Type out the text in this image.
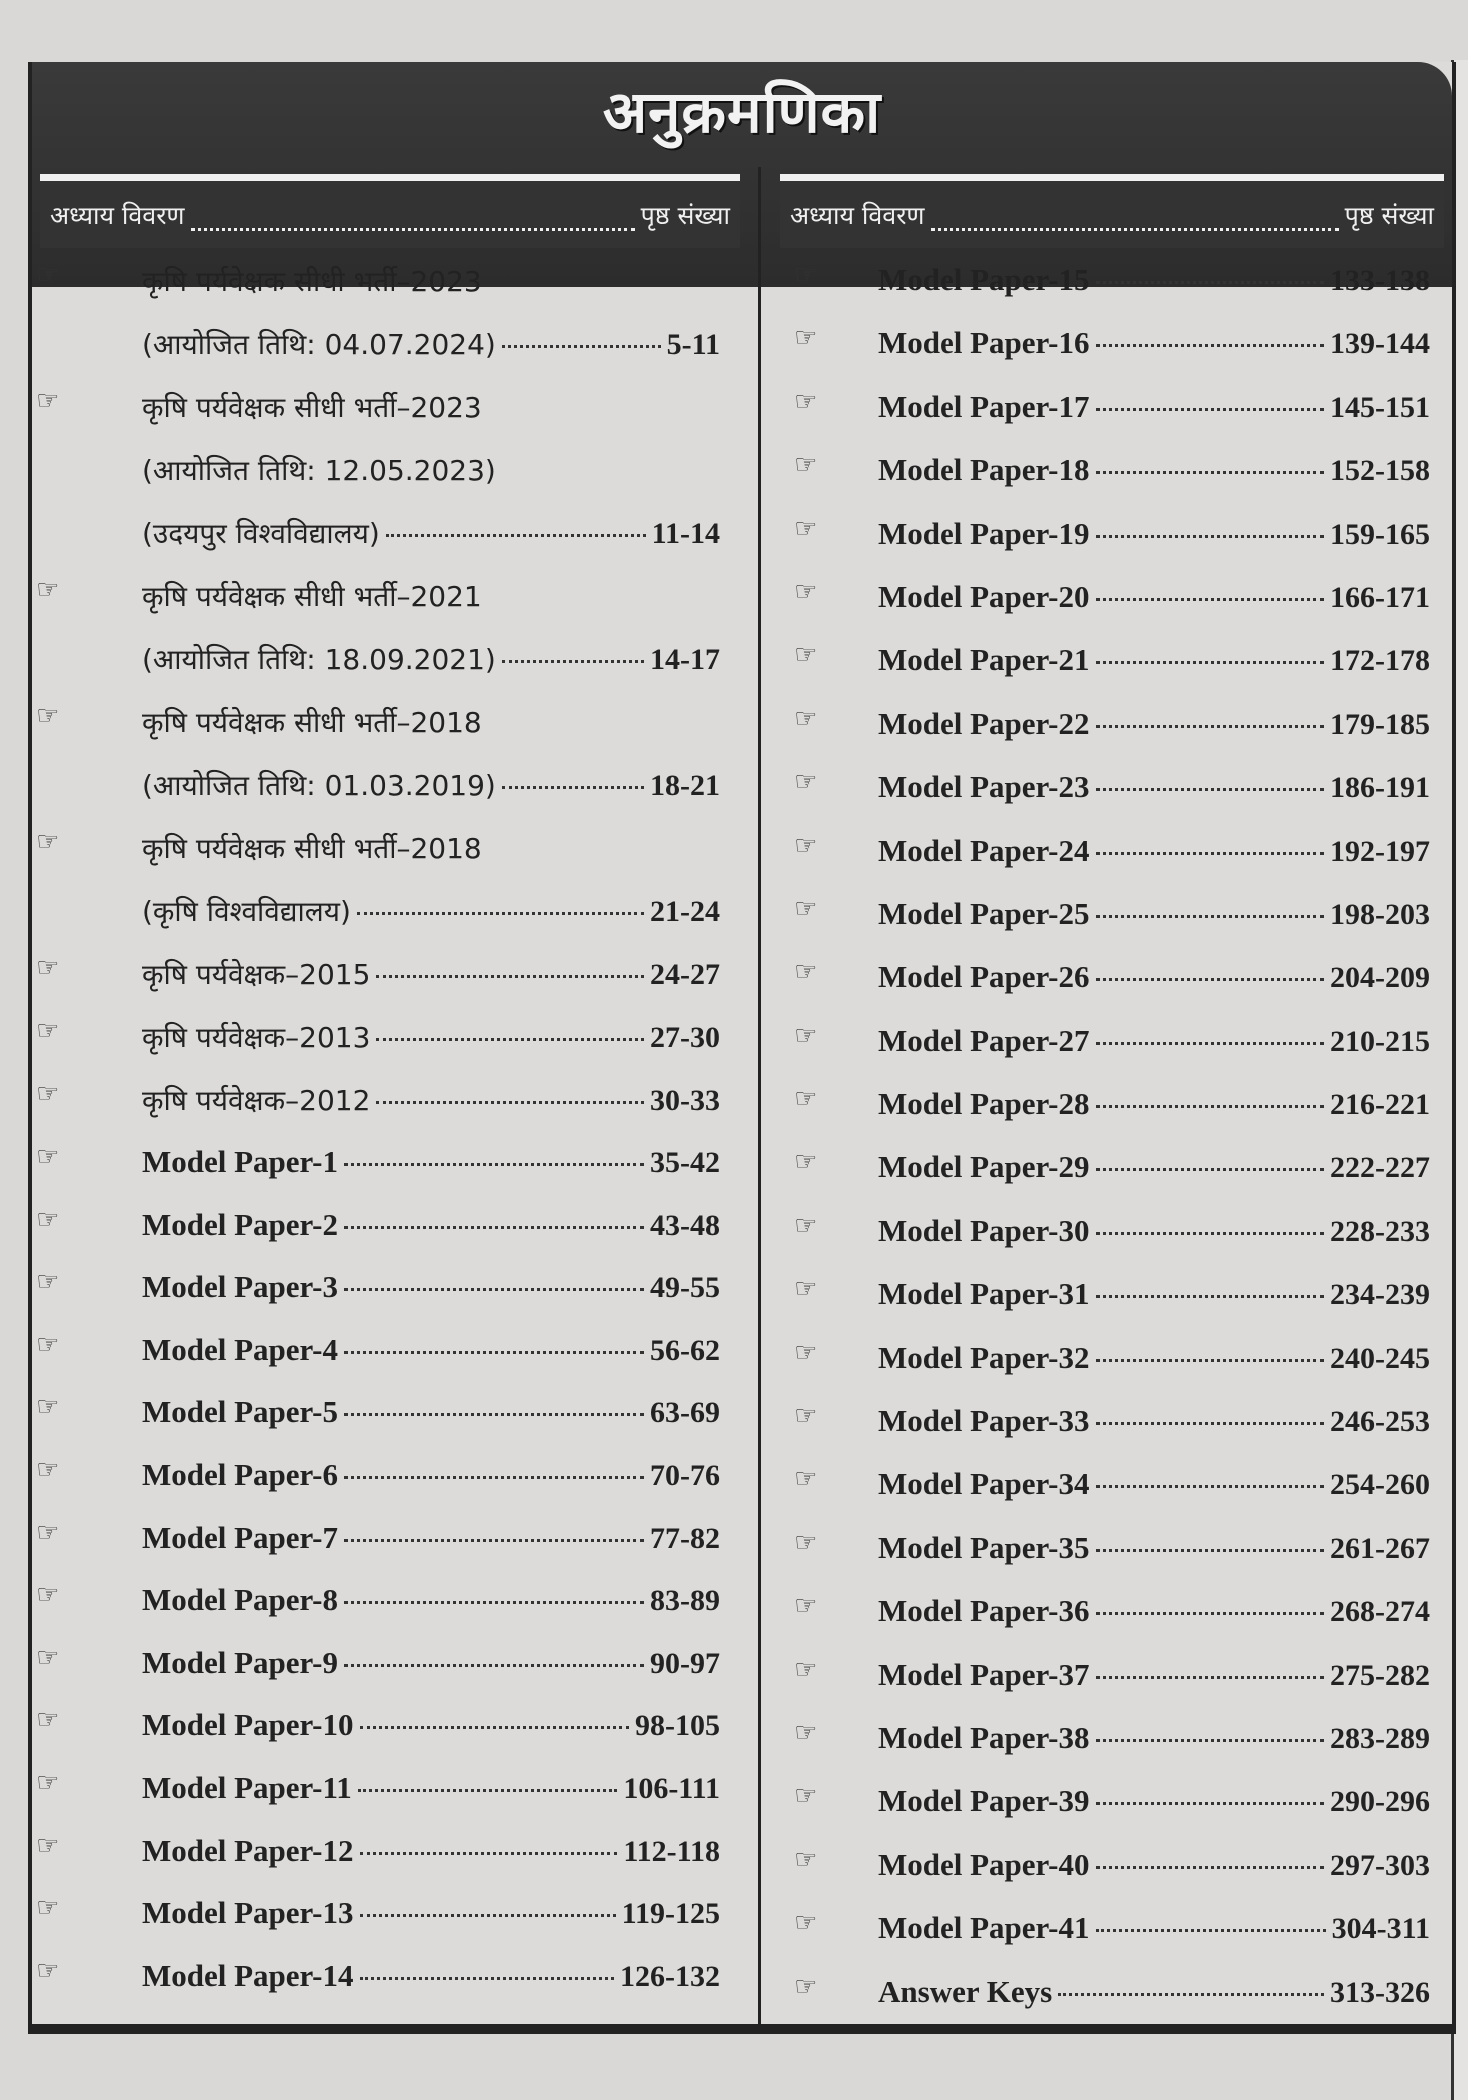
अनुक्रमणिका
अध्याय विवरण	पृष्ठ संख्या अध्याय विवरण	पृष्ठ संख्या
☞	कृषि पर्यवेक्षक सीधी भर्ती–2023
(आयोजित तिथि: 04.07.2024)	5-11
☞	कृषि पर्यवेक्षक सीधी भर्ती–2023
(आयोजित तिथि: 12.05.2023)
(उदयपुर विश्वविद्यालय)	11-14
☞	कृषि पर्यवेक्षक सीधी भर्ती–2021
(आयोजित तिथि: 18.09.2021)	14-17
☞	कृषि पर्यवेक्षक सीधी भर्ती–2018
(आयोजित तिथि: 01.03.2019)	18-21
☞	कृषि पर्यवेक्षक सीधी भर्ती–2018
(कृषि विश्वविद्यालय)	21-24
☞	कृषि पर्यवेक्षक–2015	24-27
☞	कृषि पर्यवेक्षक–2013	27-30
☞	कृषि पर्यवेक्षक–2012	30-33
☞	Model Paper-1	35-42
☞	Model Paper-2	43-48
☞	Model Paper-3	49-55
☞	Model Paper-4	56-62
☞	Model Paper-5	63-69
☞	Model Paper-6	70-76
☞	Model Paper-7	77-82
☞	Model Paper-8	83-89
☞	Model Paper-9	90-97
☞	Model Paper-10	98-105
☞	Model Paper-11	106-111
☞	Model Paper-12	112-118
☞	Model Paper-13	119-125
☞	Model Paper-14	126-132
☞	Model Paper-15	133-138
☞	Model Paper-16	139-144
☞	Model Paper-17	145-151
☞	Model Paper-18	152-158
☞	Model Paper-19	159-165
☞	Model Paper-20	166-171
☞	Model Paper-21	172-178
☞	Model Paper-22	179-185
☞	Model Paper-23	186-191
☞	Model Paper-24	192-197
☞	Model Paper-25	198-203
☞	Model Paper-26	204-209
☞	Model Paper-27	210-215
☞	Model Paper-28	216-221
☞	Model Paper-29	222-227
☞	Model Paper-30	228-233
☞	Model Paper-31	234-239
☞	Model Paper-32	240-245
☞	Model Paper-33	246-253
☞	Model Paper-34	254-260
☞	Model Paper-35	261-267
☞	Model Paper-36	268-274
☞	Model Paper-37	275-282
☞	Model Paper-38	283-289
☞	Model Paper-39	290-296
☞	Model Paper-40	297-303
☞	Model Paper-41	304-311
☞	Answer Keys	313-326
